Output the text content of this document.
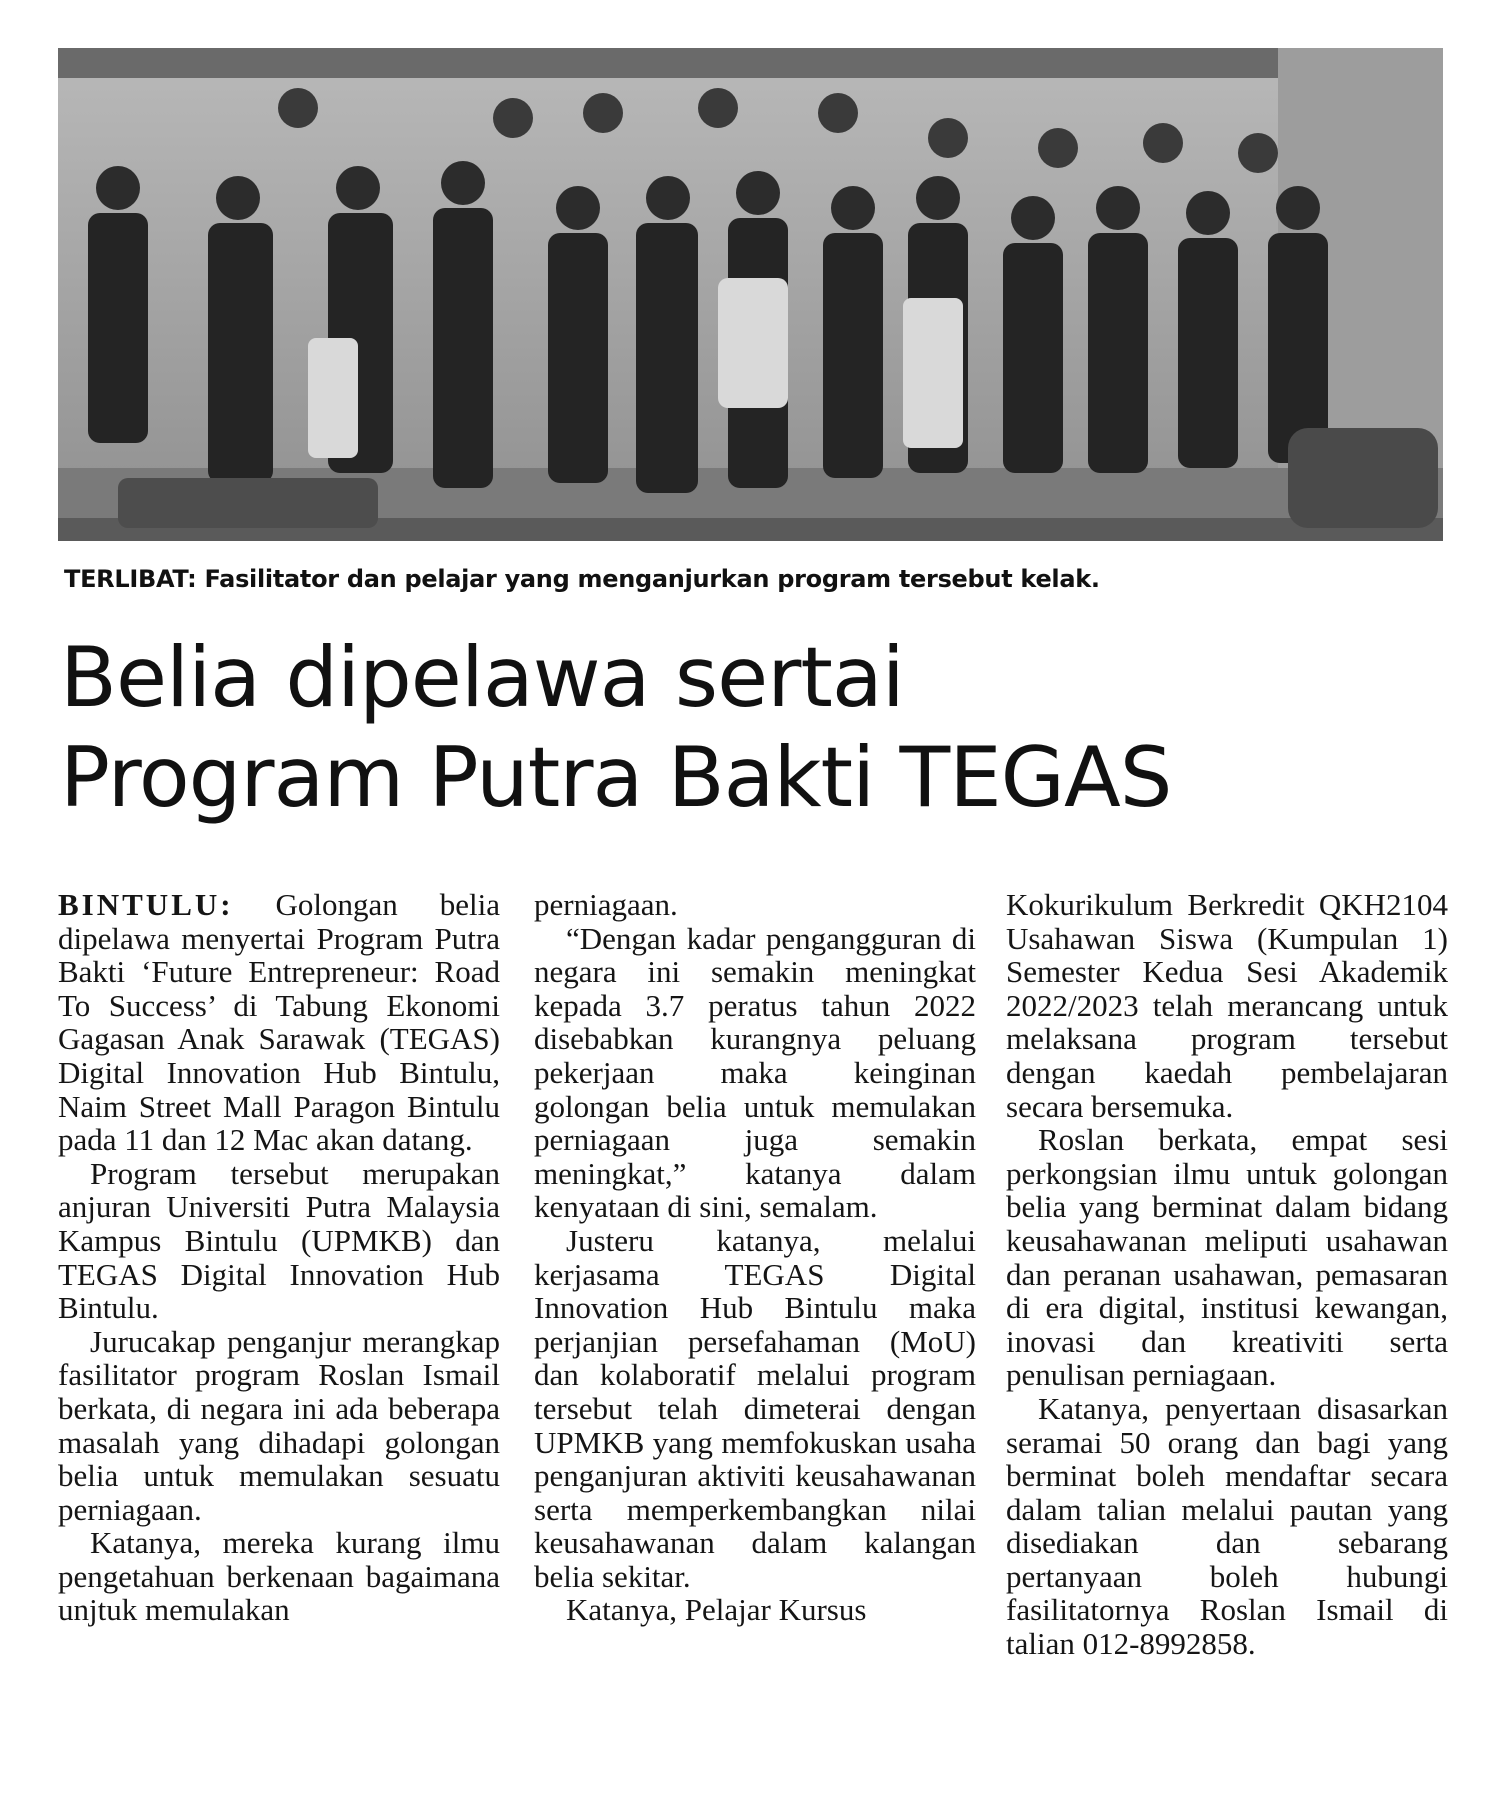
TERLIBAT: Fasilitator dan pelajar yang menganjurkan program tersebut kelak.
Belia dipelawa sertai
Program Putra Bakti TEGAS

BINTULU: Golongan belia dipelawa menyertai Program Putra Bakti ‘Future Entrepreneur: Road To Success’ di Tabung Ekonomi Gagasan Anak Sarawak (TEGAS) Digital Innovation Hub Bintulu, Naim Street Mall Paragon Bintulu pada 11 dan 12 Mac akan datang.

Program tersebut merupakan anjuran Universiti Putra Malaysia Kampus Bintulu (UPMKB) dan TEGAS Digital Innovation Hub Bintulu.

Jurucakap penganjur merangkap fasilitator program Roslan Ismail berkata, di negara ini ada beberapa masalah yang dihadapi golongan belia untuk memulakan sesuatu perniagaan.

Katanya, mereka kurang ilmu pengetahuan berkenaan bagaimana unjtuk memulakan

perniagaan.

“Dengan kadar pengangguran di negara ini semakin meningkat kepada 3.7 peratus tahun 2022 disebabkan kurangnya peluang pekerjaan maka keinginan golongan belia untuk memulakan perniagaan juga semakin meningkat,” katanya dalam kenyataan di sini, semalam.

Justeru katanya, melalui kerjasama TEGAS Digital Innovation Hub Bintulu maka perjanjian persefahaman (MoU) dan kolaboratif melalui program tersebut telah dimeterai dengan UPMKB yang memfokuskan usaha penganjuran aktiviti keusahawanan serta memperkembangkan nilai keusahawanan dalam kalangan belia sekitar.

Katanya, Pelajar Kursus

Kokurikulum Berkredit QKH2104 Usahawan Siswa (Kumpulan 1) Semester Kedua Sesi Akademik 2022/2023 telah merancang untuk melaksana program tersebut dengan kaedah pembelajaran secara bersemuka.

Roslan berkata, empat sesi perkongsian ilmu untuk golongan belia yang berminat dalam bidang keusahawanan meliputi usahawan dan peranan usahawan, pemasaran di era digital, institusi kewangan, inovasi dan kreativiti serta penulisan perniagaan.

Katanya, penyertaan disasarkan seramai 50 orang dan bagi yang berminat boleh mendaftar secara dalam talian melalui pautan yang disediakan dan sebarang pertanyaan boleh hubungi fasilitatornya Roslan Ismail di talian 012-8992858.
